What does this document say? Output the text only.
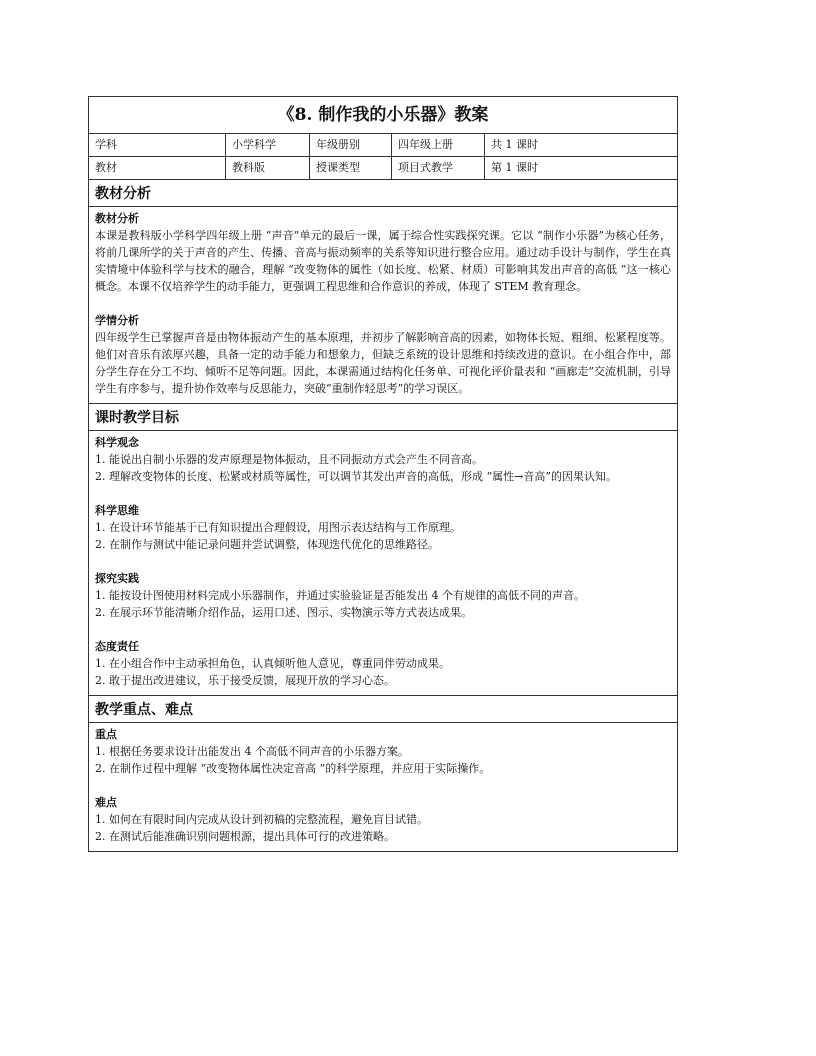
《8. 制作我的小乐器》教案
学科	小学科学	年级册别	四年级上册	共 1 课时
教材	教科版	授课类型	项目式教学	第 1 课时
教材分析
教材分析

本课是教科版小学科学四年级上册 “声音”单元的最后一课，属于综合性实践探究课。它以 “制作小乐器”为核心任务，将前几课所学的关于声音的产生、传播、音高与振动频率的关系等知识进行整合应用。通过动手设计与制作，学生在真实情境中体验科学与技术的融合，理解 “改变物体的属性（如长度、松紧、材质）可影响其发出声音的高低 ”这一核心概念。本课不仅培养学生的动手能力，更强调工程思维和合作意识的养成，体现了 STEM 教育理念。

学情分析

四年级学生已掌握声音是由物体振动产生的基本原理，并初步了解影响音高的因素，如物体长短、粗细、松紧程度等。他们对音乐有浓厚兴趣，具备一定的动手能力和想象力，但缺乏系统的设计思维和持续改进的意识。在小组合作中，部分学生存在分工不均、倾听不足等问题。因此，本课需通过结构化任务单、可视化评价量表和 “画廊走”交流机制，引导学生有序参与，提升协作效率与反思能力，突破“重制作轻思考”的学习误区。

课时教学目标
科学观念

1. 能说出自制小乐器的发声原理是物体振动，且不同振动方式会产生不同音高。

2. 理解改变物体的长度、松紧或材质等属性，可以调节其发出声音的高低，形成 “属性→音高”的因果认知。

科学思维

1. 在设计环节能基于已有知识提出合理假设，用图示表达结构与工作原理。

2. 在制作与测试中能记录问题并尝试调整，体现迭代优化的思维路径。

探究实践

1. 能按设计图使用材料完成小乐器制作，并通过实验验证是否能发出 4 个有规律的高低不同的声音。

2. 在展示环节能清晰介绍作品，运用口述、图示、实物演示等方式表达成果。

态度责任

1. 在小组合作中主动承担角色，认真倾听他人意见，尊重同伴劳动成果。

2. 敢于提出改进建议，乐于接受反馈，展现开放的学习心态。

教学重点、难点
重点

1. 根据任务要求设计出能发出 4 个高低不同声音的小乐器方案。

2. 在制作过程中理解 “改变物体属性决定音高 ”的科学原理，并应用于实际操作。

难点

1. 如何在有限时间内完成从设计到初稿的完整流程，避免盲目试错。

2. 在测试后能准确识别问题根源，提出具体可行的改进策略。
